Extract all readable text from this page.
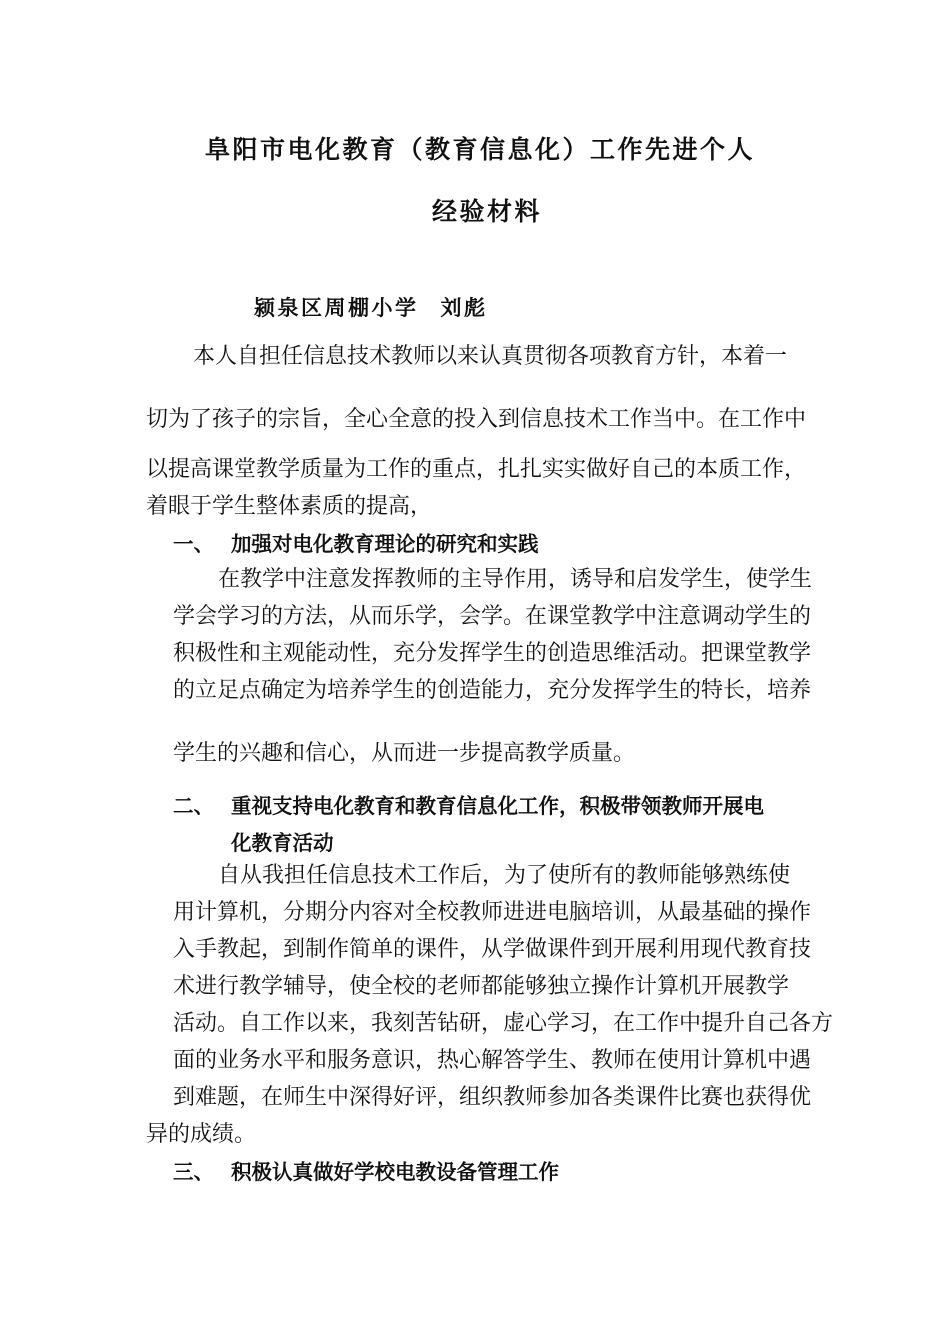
阜阳市电化教育（教育信息化）工作先进个人
经验材料
颍泉区周棚小学 刘彪
本人自担任信息技术教师以来认真贯彻各项教育方针，本着一
切为了孩子的宗旨，全心全意的投入到信息技术工作当中。在工作中
以提高课堂教学质量为工作的重点，扎扎实实做好自己的本质工作，
着眼于学生整体素质的提高，
一、 加强对电化教育理论的研究和实践
在教学中注意发挥教师的主导作用，诱导和启发学生，使学生
学会学习的方法，从而乐学，会学。在课堂教学中注意调动学生的
积极性和主观能动性，充分发挥学生的创造思维活动。把课堂教学
的立足点确定为培养学生的创造能力，充分发挥学生的特长，培养
学生的兴趣和信心，从而进一步提高教学质量。
二、 重视支持电化教育和教育信息化工作，积极带领教师开展电
化教育活动
自从我担任信息技术工作后，为了使所有的教师能够熟练使
用计算机，分期分内容对全校教师进进电脑培训，从最基础的操作
入手教起，到制作简单的课件，从学做课件到开展利用现代教育技
术进行教学辅导，使全校的老师都能够独立操作计算机开展教学
活动。自工作以来，我刻苦钻研，虚心学习，在工作中提升自己各方
面的业务水平和服务意识，热心解答学生、教师在使用计算机中遇
到难题，在师生中深得好评，组织教师参加各类课件比赛也获得优
异的成绩。
三、 积极认真做好学校电教设备管理工作
